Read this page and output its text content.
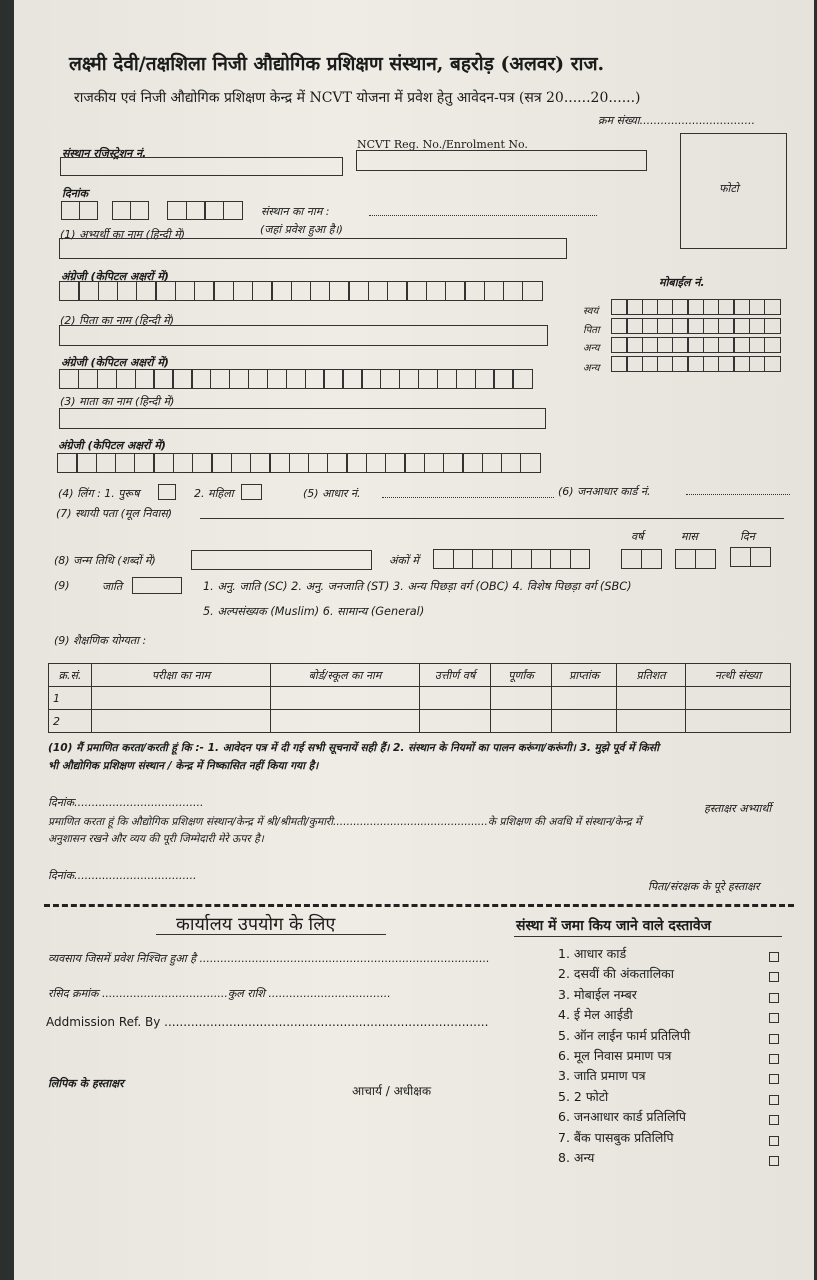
लक्ष्मी देवी/तक्षशिला निजी औद्योगिक प्रशिक्षण संस्थान, बहरोड़ (अलवर) राज.
राजकीय एवं निजी औद्योगिक प्रशिक्षण केन्द्र में NCVT योजना में प्रवेश हेतु आवेदन-पत्र (सत्र 20......20......)
क्रम संख्या.................................
फोटो
संस्थान रजिस्ट्रेशन नं.
NCVT Reg. No./Enrolment No.
दिनांक
संस्थान का नाम :
(जहां प्रवेश हुआ है।)
(1) अभ्यर्थी का नाम (हिन्दी में)
अंग्रेजी (केपिटल अक्षरों में)
(2) पिता का नाम (हिन्दी में)
अंग्रेजी (केपिटल अक्षरों में)
(3) माता का नाम (हिन्दी में)
अंग्रेजी (केपिटल अक्षरों में)
मोबाईल नं.
स्वयं
पिता
अन्य
अन्य
(4) लिंग : 1. पुरूष	2. महिला	(5) आधार नं.	(6) जनआधार कार्ड नं.
(7) स्थायी पता (मूल निवास)
वर्ष	मास	दिन
(8) जन्म तिथि (शब्दों में)	अंकों में
(9)	जाति	1. अनु. जाति (SC) 2. अनु. जनजाति (ST) 3. अन्य पिछड़ा वर्ग (OBC) 4. विशेष पिछड़ा वर्ग (SBC)
5. अल्पसंख्यक (Muslim) 6. सामान्य (General)
(9) शैक्षणिक योग्यता :
क्र.सं.	परीक्षा का नाम	बोर्ड/स्कूल का नाम	उत्तीर्ण वर्ष	पूर्णांक	प्राप्तांक	प्रतिशत	नत्थी संख्या
1							
2							
(10) मैं प्रमाणित करता/करती हूं कि :- 1. आवेदन पत्र में दी गई सभी सूचनायें सही हैं। 2. संस्थान के नियमों का पालन करूंगा/करूंगी। 3. मुझे पूर्व में किसी
भी औद्योगिक प्रशिक्षण संस्थान / केन्द्र में निष्कासित नहीं किया गया है।
दिनांक.....................................	हस्ताक्षर अभ्यार्थी
प्रमाणित करता हूं कि औद्योगिक प्रशिक्षण संस्थान/केन्द्र में श्री/श्रीमती/कुमारी..............................................के प्रशिक्षण की अवधि में संस्थान/केन्द्र में
अनुशासन रखने और व्यय की पूरी जिम्मेदारी मेरे ऊपर है।
दिनांक...................................
पिता/संरक्षक के पूरे हस्ताक्षर
कार्यालय उपयोग के लिए
व्यवसाय जिसमें प्रवेश निश्चित हुआ है ...................................................................................
रसिद क्रमांक ....................................कुल राशि ...................................
Addmission Ref. By .....................................................................................
लिपिक के हस्ताक्षर
आचार्य / अधीक्षक
संस्था में जमा किय जाने वाले दस्तावेज
1. आधार कार्ड
2. दसवीं की अंकतालिका
3. मोबाईल नम्बर
4. ई मेल आईडी
5. ऑन लाईन फार्म प्रतिलिपी
6. मूल निवास प्रमाण पत्र
3. जाति प्रमाण पत्र
5. 2 फोटो
6. जनआधार कार्ड प्रतिलिपि
7. बैंक पासबुक प्रतिलिपि
8. अन्य
